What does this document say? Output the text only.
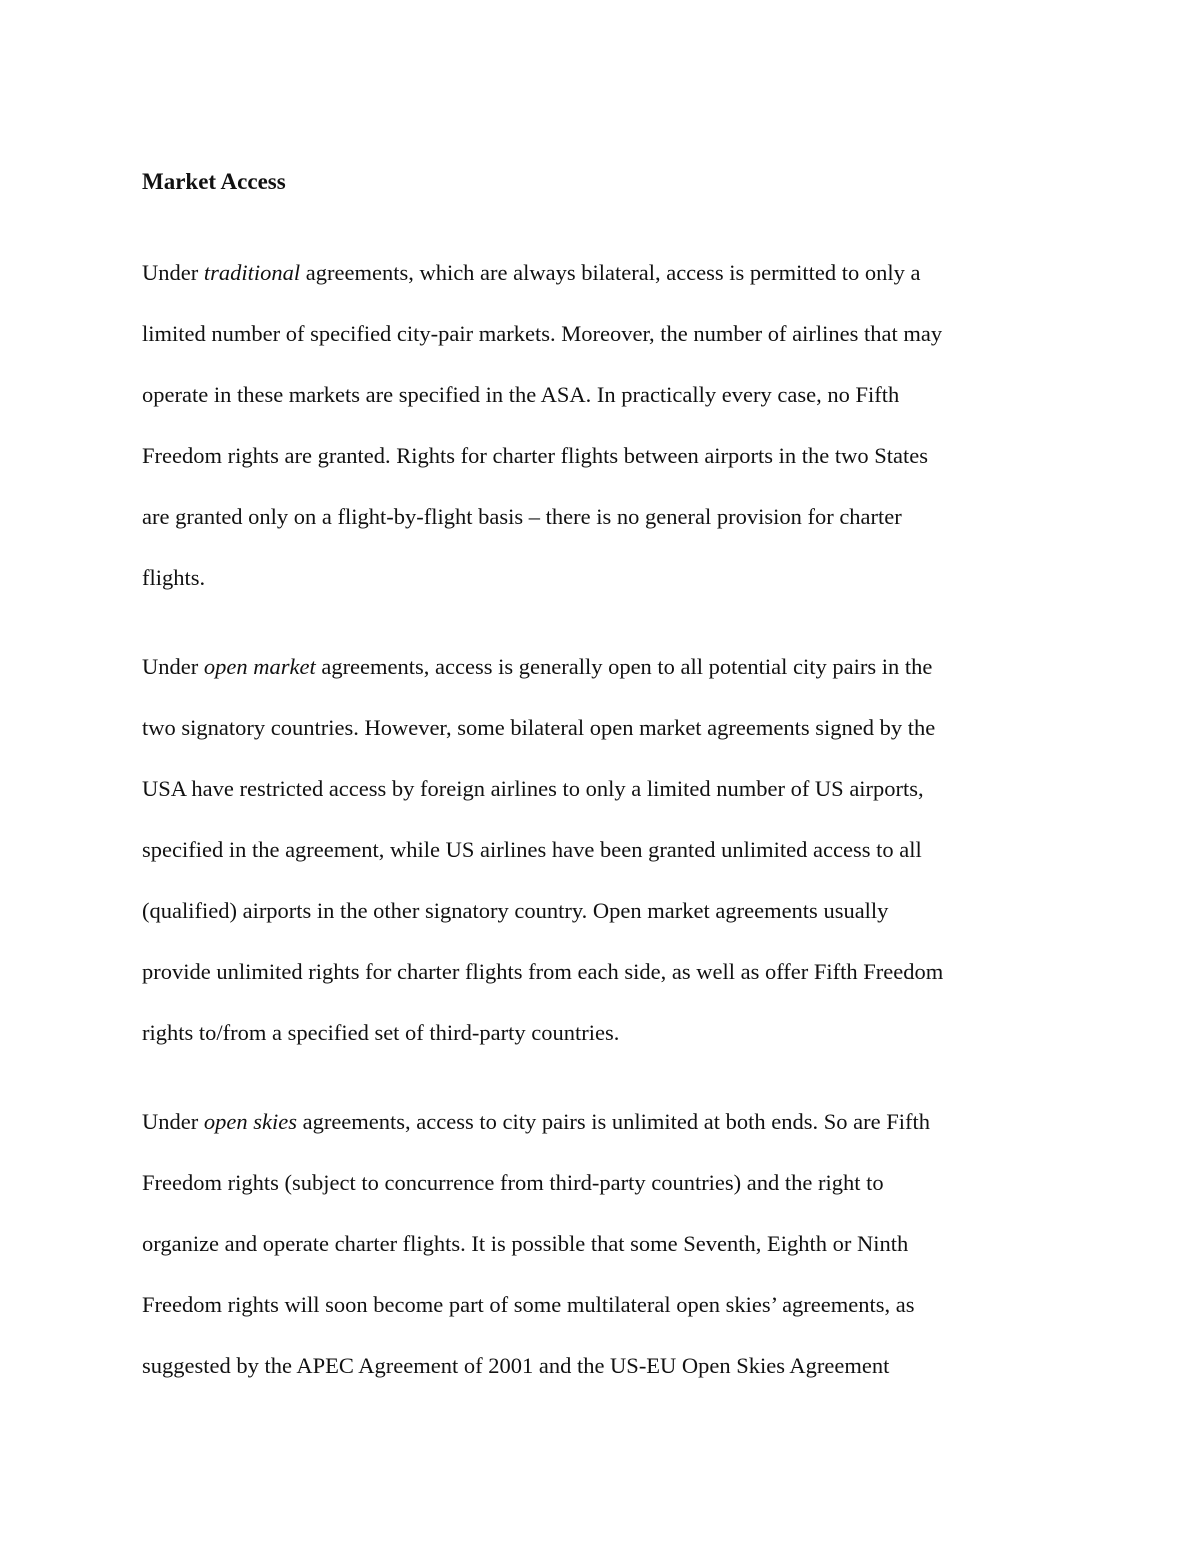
Market Access

Under traditional agreements, which are always bilateral, access is permitted to only a

limited number of specified city-pair markets. Moreover, the number of airlines that may

operate in these markets are specified in the ASA. In practically every case, no Fifth

Freedom rights are granted. Rights for charter flights between airports in the two States

are granted only on a flight-by-flight basis – there is no general provision for charter

flights.

Under open market agreements, access is generally open to all potential city pairs in the

two signatory countries. However, some bilateral open market agreements signed by the

USA have restricted access by foreign airlines to only a limited number of US airports,

specified in the agreement, while US airlines have been granted unlimited access to all

(qualified) airports in the other signatory country. Open market agreements usually

provide unlimited rights for charter flights from each side, as well as offer Fifth Freedom

rights to/from a specified set of third-party countries.

Under open skies agreements, access to city pairs is unlimited at both ends. So are Fifth

Freedom rights (subject to concurrence from third-party countries) and the right to

organize and operate charter flights. It is possible that some Seventh, Eighth or Ninth

Freedom rights will soon become part of some multilateral open skies’ agreements, as

suggested by the APEC Agreement of 2001 and the US-EU Open Skies Agreement
